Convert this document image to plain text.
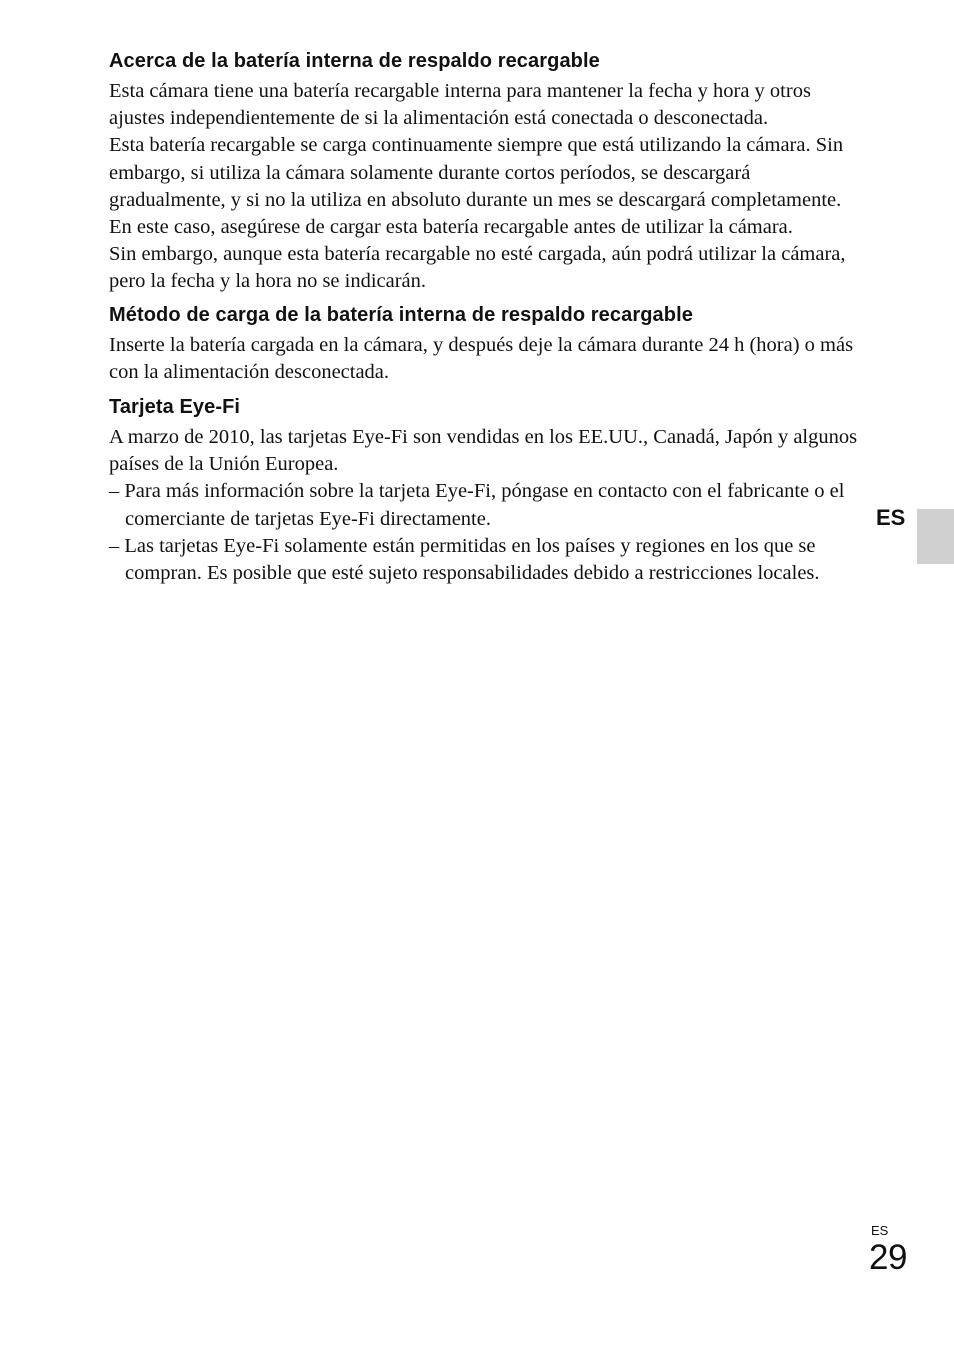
Acerca de la batería interna de respaldo recargable

Esta cámara tiene una batería recargable interna para mantener la fecha y hora y otros ajustes independientemente de si la alimentación está conectada o desconectada.

Esta batería recargable se carga continuamente siempre que está utilizando la cámara. Sin embargo, si utiliza la cámara solamente durante cortos períodos, se descargará gradualmente, y si no la utiliza en absoluto durante un mes se descargará completamente. En este caso, asegúrese de cargar esta batería recargable antes de utilizar la cámara.

Sin embargo, aunque esta batería recargable no esté cargada, aún podrá utilizar la cámara, pero la fecha y la hora no se indicarán.

Método de carga de la batería interna de respaldo recargable

Inserte la batería cargada en la cámara, y después deje la cámara durante 24 h (hora) o más con la alimentación desconectada.

Tarjeta Eye-Fi

A marzo de 2010, las tarjetas Eye-Fi son vendidas en los EE.UU., Canadá, Japón y algunos países de la Unión Europea.

– Para más información sobre la tarjeta Eye-Fi, póngase en contacto con el fabricante o el comerciante de tarjetas Eye-Fi directamente.

– Las tarjetas Eye-Fi solamente están permitidas en los países y regiones en los que se compran. Es posible que esté sujeto responsabilidades debido a restricciones locales.

ES
ES
29
